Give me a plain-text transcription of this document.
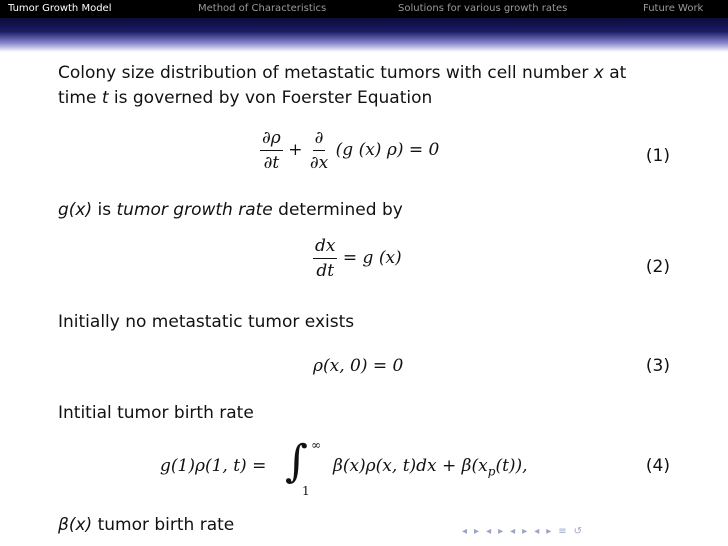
Tumor Growth Model	Method of Characteristics	Solutions for various growth rates	Future Work
Colony size distribution of metastatic tumors with cell number x at
time t is governed by von Foerster Equation
$\frac{\partial\rho}{\partial t} + \frac{\partial}{\partial x} (g$ (x) ρ) = 0	(1)
g(x) is tumor growth rate determined by
$\frac{dx}{dt} = g$ (x)	(2)
Initially no metastatic tumor exists
ρ(x, 0) = 0	(3)
Intitial tumor birth rate
g(1)ρ(1, t) = ∫ ∞
1
β(x)ρ(x, $t)dx + \beta(x_p(t))$,	(4)
β(x) tumor birth rate	◂ ▸ ◂ ▸ ◂ ▸ ◂ ▸ ≡ ↺
